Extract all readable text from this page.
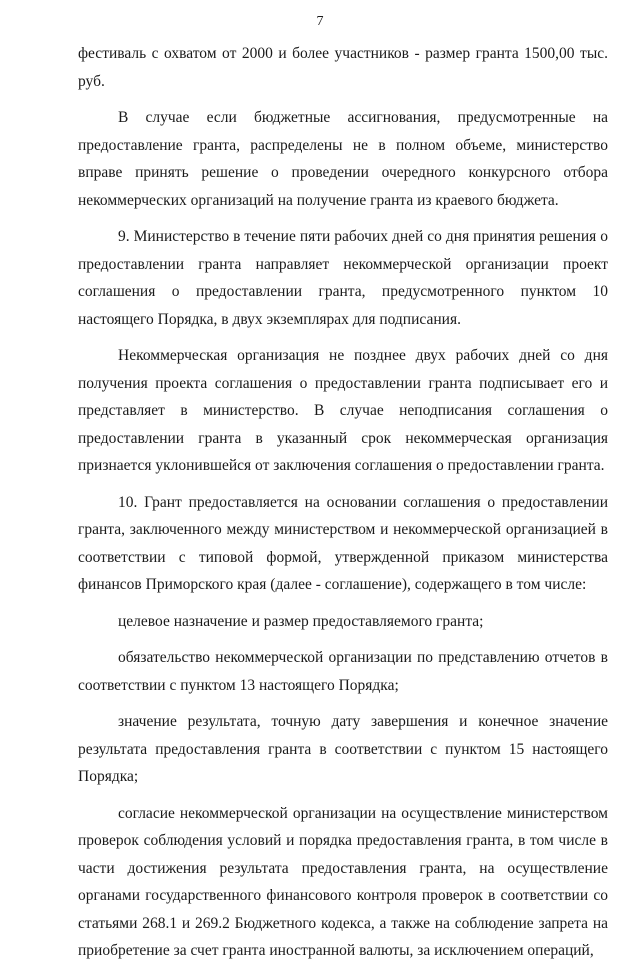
7

фестиваль с охватом от 2000 и более участников - размер гранта 1500,00 тыс. руб.

В случае если бюджетные ассигнования, предусмотренные на предоставление гранта, распределены не в полном объеме, министерство вправе принять решение о проведении очередного конкурсного отбора некоммерческих организаций на получение гранта из краевого бюджета.

9. Министерство в течение пяти рабочих дней со дня принятия решения о предоставлении гранта направляет некоммерческой организации проект соглашения о предоставлении гранта, предусмотренного пунктом 10 настоящего Порядка, в двух экземплярах для подписания.

Некоммерческая организация не позднее двух рабочих дней со дня получения проекта соглашения о предоставлении гранта подписывает его и представляет в министерство. В случае неподписания соглашения о предоставлении гранта в указанный срок некоммерческая организация признается уклонившейся от заключения соглашения о предоставлении гранта.

10. Грант предоставляется на основании соглашения о предоставлении гранта, заключенного между министерством и некоммерческой организацией в соответствии с типовой формой, утвержденной приказом министерства финансов Приморского края (далее - соглашение), содержащего в том числе:

целевое назначение и размер предоставляемого гранта;

обязательство некоммерческой организации по представлению отчетов в соответствии с пунктом 13 настоящего Порядка;

значение результата, точную дату завершения и конечное значение результата предоставления гранта в соответствии с пунктом 15 настоящего Порядка;

согласие некоммерческой организации на осуществление министерством проверок соблюдения условий и порядка предоставления гранта, в том числе в части достижения результата предоставления гранта, на осуществление органами государственного финансового контроля проверок в соответствии со статьями 268.1 и 269.2 Бюджетного кодекса, а также на соблюдение запрета на приобретение за счет гранта иностранной валюты, за исключением операций,
